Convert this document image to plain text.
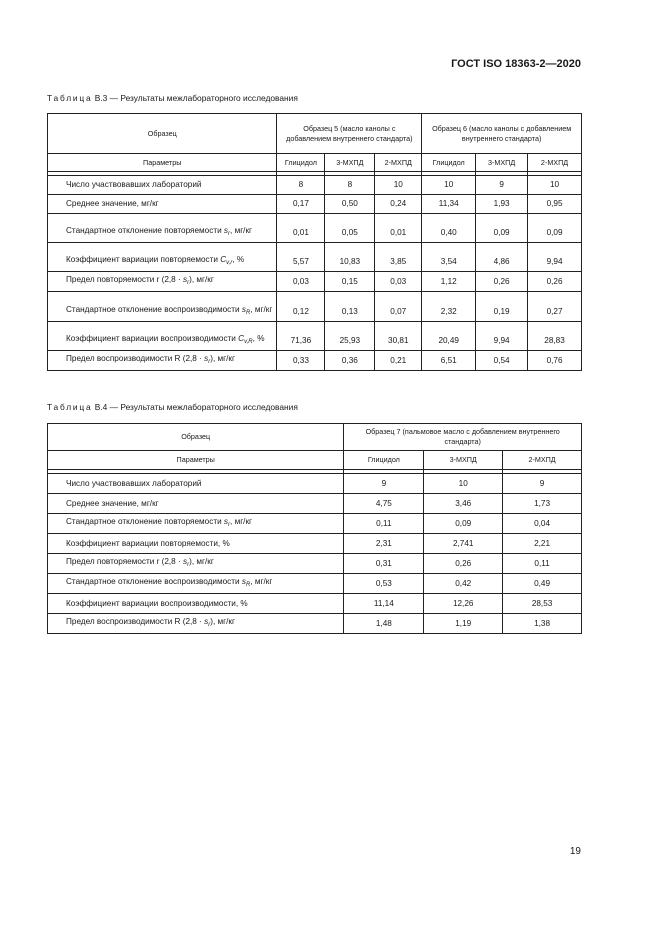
ГОСТ ISO 18363-2—2020
Таблица В.3 — Результаты межлабораторного исследования
Образец	Образец 5 (масло канолы с добавлением внутреннего стандарта)			Образец 6 (масло канолы с добавлением внутреннего стандарта)		
Параметры	Глицидол	3-МХПД	2-МХПД	Глицидол	3-МХПД	2-МХПД

Число участвовавших лабораторий	8	8	10	10	9	10
Среднее значение, мг/кг	0,17	0,50	0,24	11,34	1,93	0,95
Стандартное отклонение повторяемости $s_r$, мг/кг	0,01	0,05	0,01	0,40	0,09	0,09
Коэффициент вариации повторяемости $C_{v,r}$, %	5,57	10,83	3,85	3,54	4,86	9,94
Предел повторяемости r $(2,8 \cdot s_r)$, мг/кг	0,03	0,15	0,03	1,12	0,26	0,26
Стандартное отклонение воспроизводимости $s_R$, мг/кг	0,12	0,13	0,07	2,32	0,19	0,27
Коэффициент вариации воспроизводимости $C_{v,R}$, %	71,36	25,93	30,81	20,49	9,94	28,83
Предел воспроизводимости R $(2,8 \cdot s_r)$, мг/кг	0,33	0,36	0,21	6,51	0,54	0,76
Таблица В.4 — Результаты межлабораторного исследования
Образец	Образец 7 (пальмовое масло с добавлением внутреннего стандарта)		
Параметры	Глицидол	3-МХПД	2-МХПД

Число участвовавших лабораторий	9	10	9
Среднее значение, мг/кг	4,75	3,46	1,73
Стандартное отклонение повторяемости $s_r$, мг/кг	0,11	0,09	0,04
Коэффициент вариации повторяемости, %	2,31	2,741	2,21
Предел повторяемости r $(2,8 \cdot s_r)$, мг/кг	0,31	0,26	0,11
Стандартное отклонение воспроизводимости $s_R$, мг/кг	0,53	0,42	0,49
Коэффициент вариации воспроизводимости, %	11,14	12,26	28,53
Предел воспроизводимости R $(2,8 \cdot s_r)$, мг/кг	1,48	1,19	1,38
19
